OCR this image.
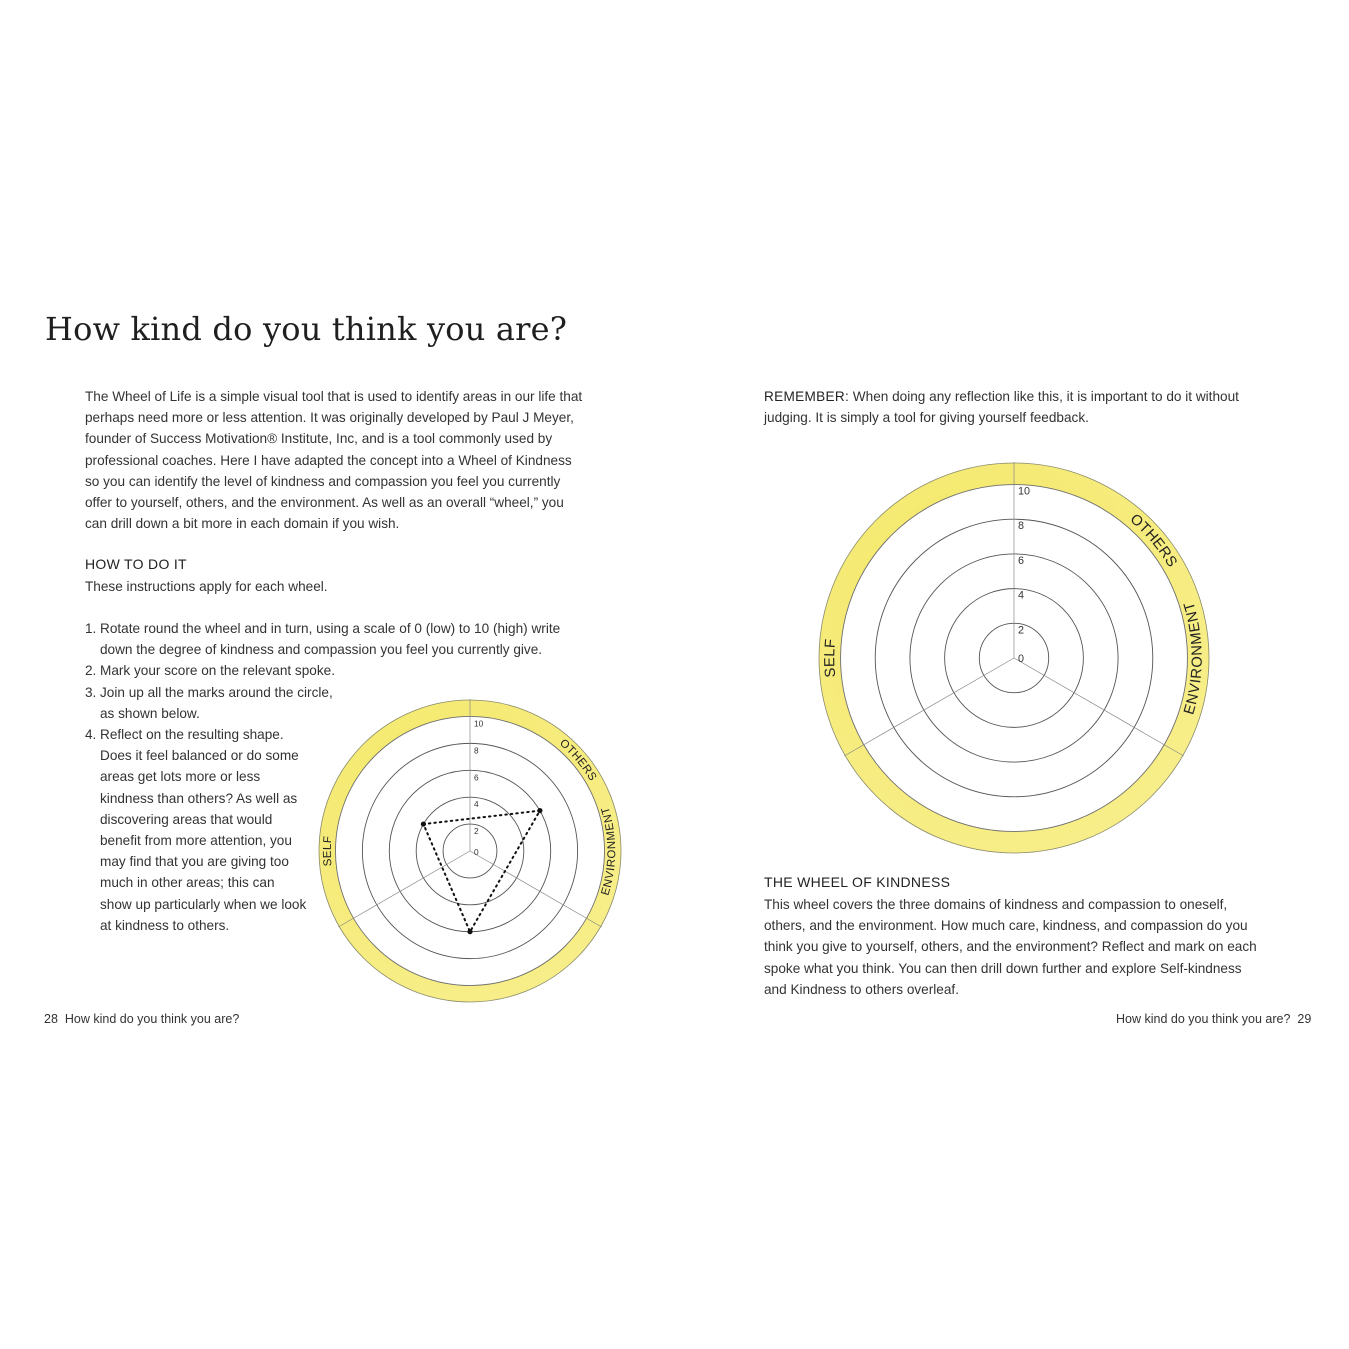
How kind do you think you are?

The Wheel of Life is a simple visual tool that is used to identify areas in our life that perhaps need more or less attention. It was originally developed by Paul J Meyer, founder of Success Motivation® Institute, Inc, and is a tool commonly used by professional coaches. Here I have adapted the concept into a Wheel of Kindness so you can identify the level of kindness and compassion you feel you currently offer to yourself, others, and the environment. As well as an overall “wheel,” you can drill down a bit more in each domain if you wish.

HOW TO DO IT

These instructions apply for each wheel.

1. Rotate round the wheel and in turn, using a scale of 0 (low) to 10 (high) write down the degree of kindness and compassion you feel you currently give.
2. Mark your score on the relevant spoke.
3. Join up all the marks around the circle, as shown below.
4. Reflect on the resulting shape. Does it feel balanced or do some areas get lots more or less kindness than others? As well as discovering areas that would benefit from more attention, you may find that you are giving too much in other areas; this can show up particularly when we look at kindness to others.
0
2
4
6
8
10
SELF
OTHERS
ENVIRONMENT
28 How kind do you think you are?

REMEMBER: When doing any reflection like this, it is important to do it without judging. It is simply a tool for giving yourself feedback.

0
2
4
6
8
10
SELF
OTHERS
ENVIRONMENT

THE WHEEL OF KINDNESS

This wheel covers the three domains of kindness and compassion to oneself, others, and the environment. How much care, kindness, and compassion do you think you give to yourself, others, and the environment? Reflect and mark on each spoke what you think. You can then drill down further and explore Self-kindness and Kindness to others overleaf.

How kind do you think you are? 29
